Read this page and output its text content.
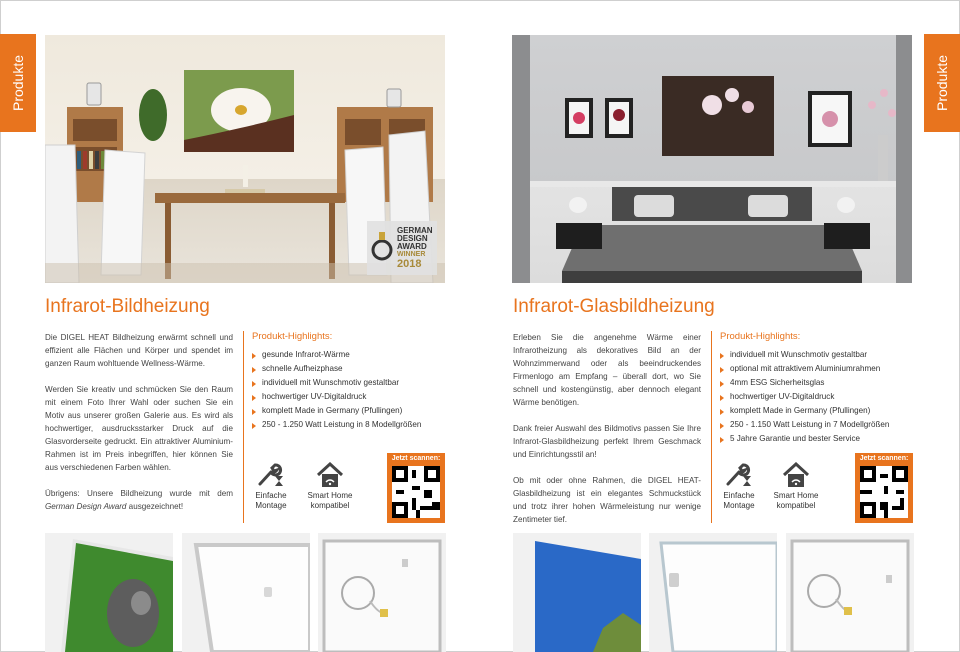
Produkte	Produkte
GERMAN
DESIGN
AWARD
WINNER
2018
Infrarot-Bildheizung

Die DIGEL HEAT Bildheizung erwärmt schnell und effizient alle Flächen und Körper und spendet im ganzen Raum wohltuende Wellness-Wärme.

Werden Sie kreativ und schmücken Sie den Raum mit einem Foto Ihrer Wahl oder suchen Sie ein Motiv aus unserer großen Galerie aus. Es wird als hochwertiger, ausdrucksstarker Druck auf die Glasvorderseite gedruckt. Ein attraktiver Aluminium-Rahmen ist im Preis inbegriffen, hier können Sie aus verschiedenen Farben wählen.

Übrigens: Unsere Bildheizung wurde mit dem German Design Award ausgezeichnet!

Produkt-Highlights:
gesunde Infrarot-Wärme
schnelle Aufheizphase
individuell mit Wunschmotiv gestaltbar
hochwertiger UV-Digitaldruck
komplett Made in Germany (Pfullingen)
250 - 1.250 Watt Leistung in 8 Modellgrößen
Einfache
Montage
Smart Home
kompatibel
Jetzt scannen:
Infrarot-Glasbildheizung

Erleben Sie die angenehme Wärme einer Infrarotheizung als dekoratives Bild an der Wohnzimmerwand oder als beeindruckendes Firmenlogo am Empfang – überall dort, wo Sie schnell und kostengünstig, aber dennoch elegant Wärme benötigen.

Dank freier Auswahl des Bildmotivs passen Sie Ihre Infrarot-Glasbildheizung perfekt Ihrem Geschmack und Einrichtungsstil an!

Ob mit oder ohne Rahmen, die DIGEL HEAT-Glasbildheizung ist ein elegantes Schmuckstück und trotz ihrer hohen Wärmeleistung nur wenige Zentimeter tief.

Produkt-Highlights:
individuell mit Wunschmotiv gestaltbar
optional mit attraktivem Aluminiumrahmen
4mm ESG Sicherheitsglas
hochwertiger UV-Digitaldruck
komplett Made in Germany (Pfullingen)
250 - 1.150 Watt Leistung in 7 Modellgrößen
5 Jahre Garantie und bester Service
Einfache
Montage
Smart Home
kompatibel
Jetzt scannen:
